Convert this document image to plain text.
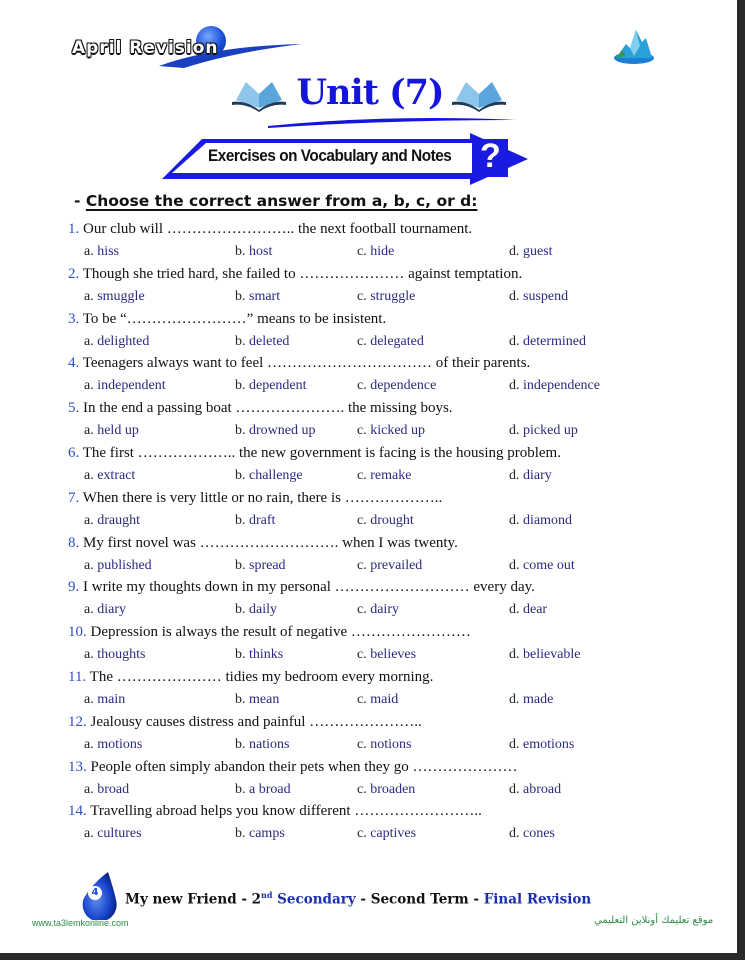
April Revision
Unit (7)
Exercises on Vocabulary and Notes ?
- Choose the correct answer from a, b, c, or d:
1. Our club will …………………….. the next football tournament.
a. hiss	b. host	c. hide	d. guest
2. Though she tried hard, she failed to ………………… against temptation.
a. smuggle	b. smart	c. struggle	d. suspend
3. To be “……………………” means to be insistent.
a. delighted	b. deleted	c. delegated	d. determined
4. Teenagers always want to feel …………………………… of their parents.
a. independent	b. dependent	c. dependence	d. independence
5. In the end a passing boat …………………. the missing boys.
a. held up	b. drowned up	c. kicked up	d. picked up
6. The first ……………….. the new government is facing is the housing problem.
a. extract	b. challenge	c. remake	d. diary
7. When there is very little or no rain, there is ………………..
a. draught	b. draft	c. drought	d. diamond
8. My first novel was ………………………. when I was twenty.
a. published	b. spread	c. prevailed	d. come out
9. I write my thoughts down in my personal ……………………… every day.
a. diary	b. daily	c. dairy	d. dear
10. Depression is always the result of negative ……………………
a. thoughts	b. thinks	c. believes	d. believable
11. The ………………… tidies my bedroom every morning.
a. main	b. mean	c. maid	d. made
12. Jealousy causes distress and painful …………………..
a. motions	b. nations	c. notions	d. emotions
13. People often simply abandon their pets when they go …………………
a. broad	b. a broad	c. broaden	d. abroad
14. Travelling abroad helps you know different ……………………..
a. cultures	b. camps	c. captives	d. cones
4 My new Friend - 2nd Secondary - Second Term - Final Revision
www.ta3lemkonline.com	موقع تعليمك أونلاين التعليمي
